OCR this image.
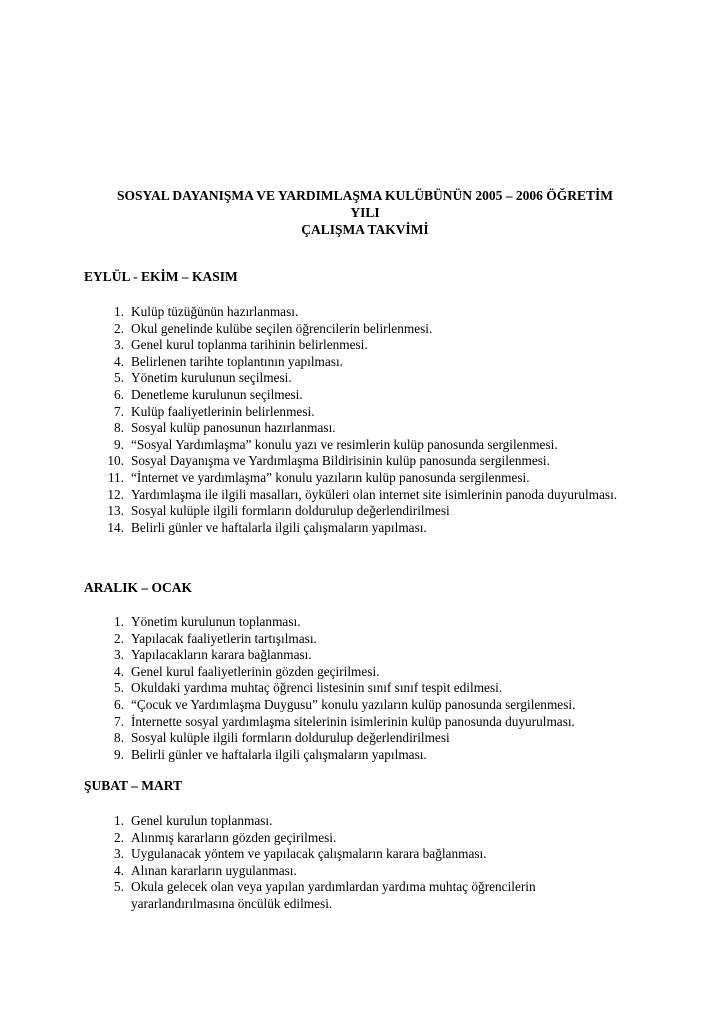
SOSYAL DAYANIŞMA VE YARDIMLAŞMA KULÜBÜNÜN 2005 – 2006 ÖĞRETİM
YILI
ÇALIŞMA TAKVİMİ
EYLÜL - EKİM – KASIM
1. Kulüp tüzüğünün hazırlanması.
2. Okul genelinde kulübe seçilen öğrencilerin belirlenmesi.
3. Genel kurul toplanma tarihinin belirlenmesi.
4. Belirlenen tarihte toplantının yapılması.
5. Yönetim kurulunun seçilmesi.
6. Denetleme kurulunun seçilmesi.
7. Kulüp faaliyetlerinin belirlenmesi.
8. Sosyal kulüp panosunun hazırlanması.
9. “Sosyal Yardımlaşma” konulu yazı ve resimlerin kulüp panosunda sergilenmesi.
10. Sosyal Dayanışma ve Yardımlaşma Bildirisinin kulüp panosunda sergilenmesi.
11. “İnternet ve yardımlaşma” konulu yazıların kulüp panosunda sergilenmesi.
12. Yardımlaşma ile ilgili masalları, öyküleri olan internet site isimlerinin panoda duyurulması.
13. Sosyal kulüple ilgili formların doldurulup değerlendirilmesi
14. Belirli günler ve haftalarla ilgili çalışmaların yapılması.
ARALIK – OCAK
1. Yönetim kurulunun toplanması.
2. Yapılacak faaliyetlerin tartışılması.
3. Yapılacakların karara bağlanması.
4. Genel kurul faaliyetlerinin gözden geçirilmesi.
5. Okuldaki yardıma muhtaç öğrenci listesinin sınıf sınıf tespit edilmesi.
6. “Çocuk ve Yardımlaşma Duygusu” konulu yazıların kulüp panosunda sergilenmesi.
7. İnternette sosyal yardımlaşma sitelerinin isimlerinin kulüp panosunda duyurulması.
8. Sosyal kulüple ilgili formların doldurulup değerlendirilmesi
9. Belirli günler ve haftalarla ilgili çalışmaların yapılması.
ŞUBAT – MART
1. Genel kurulun toplanması.
2. Alınmış kararların gözden geçirilmesi.
3. Uygulanacak yöntem ve yapılacak çalışmaların karara bağlanması.
4. Alınan kararların uygulanması.
5. Okula gelecek olan veya yapılan yardımlardan yardıma muhtaç öğrencilerin yararlandırılmasına öncülük edilmesi.
